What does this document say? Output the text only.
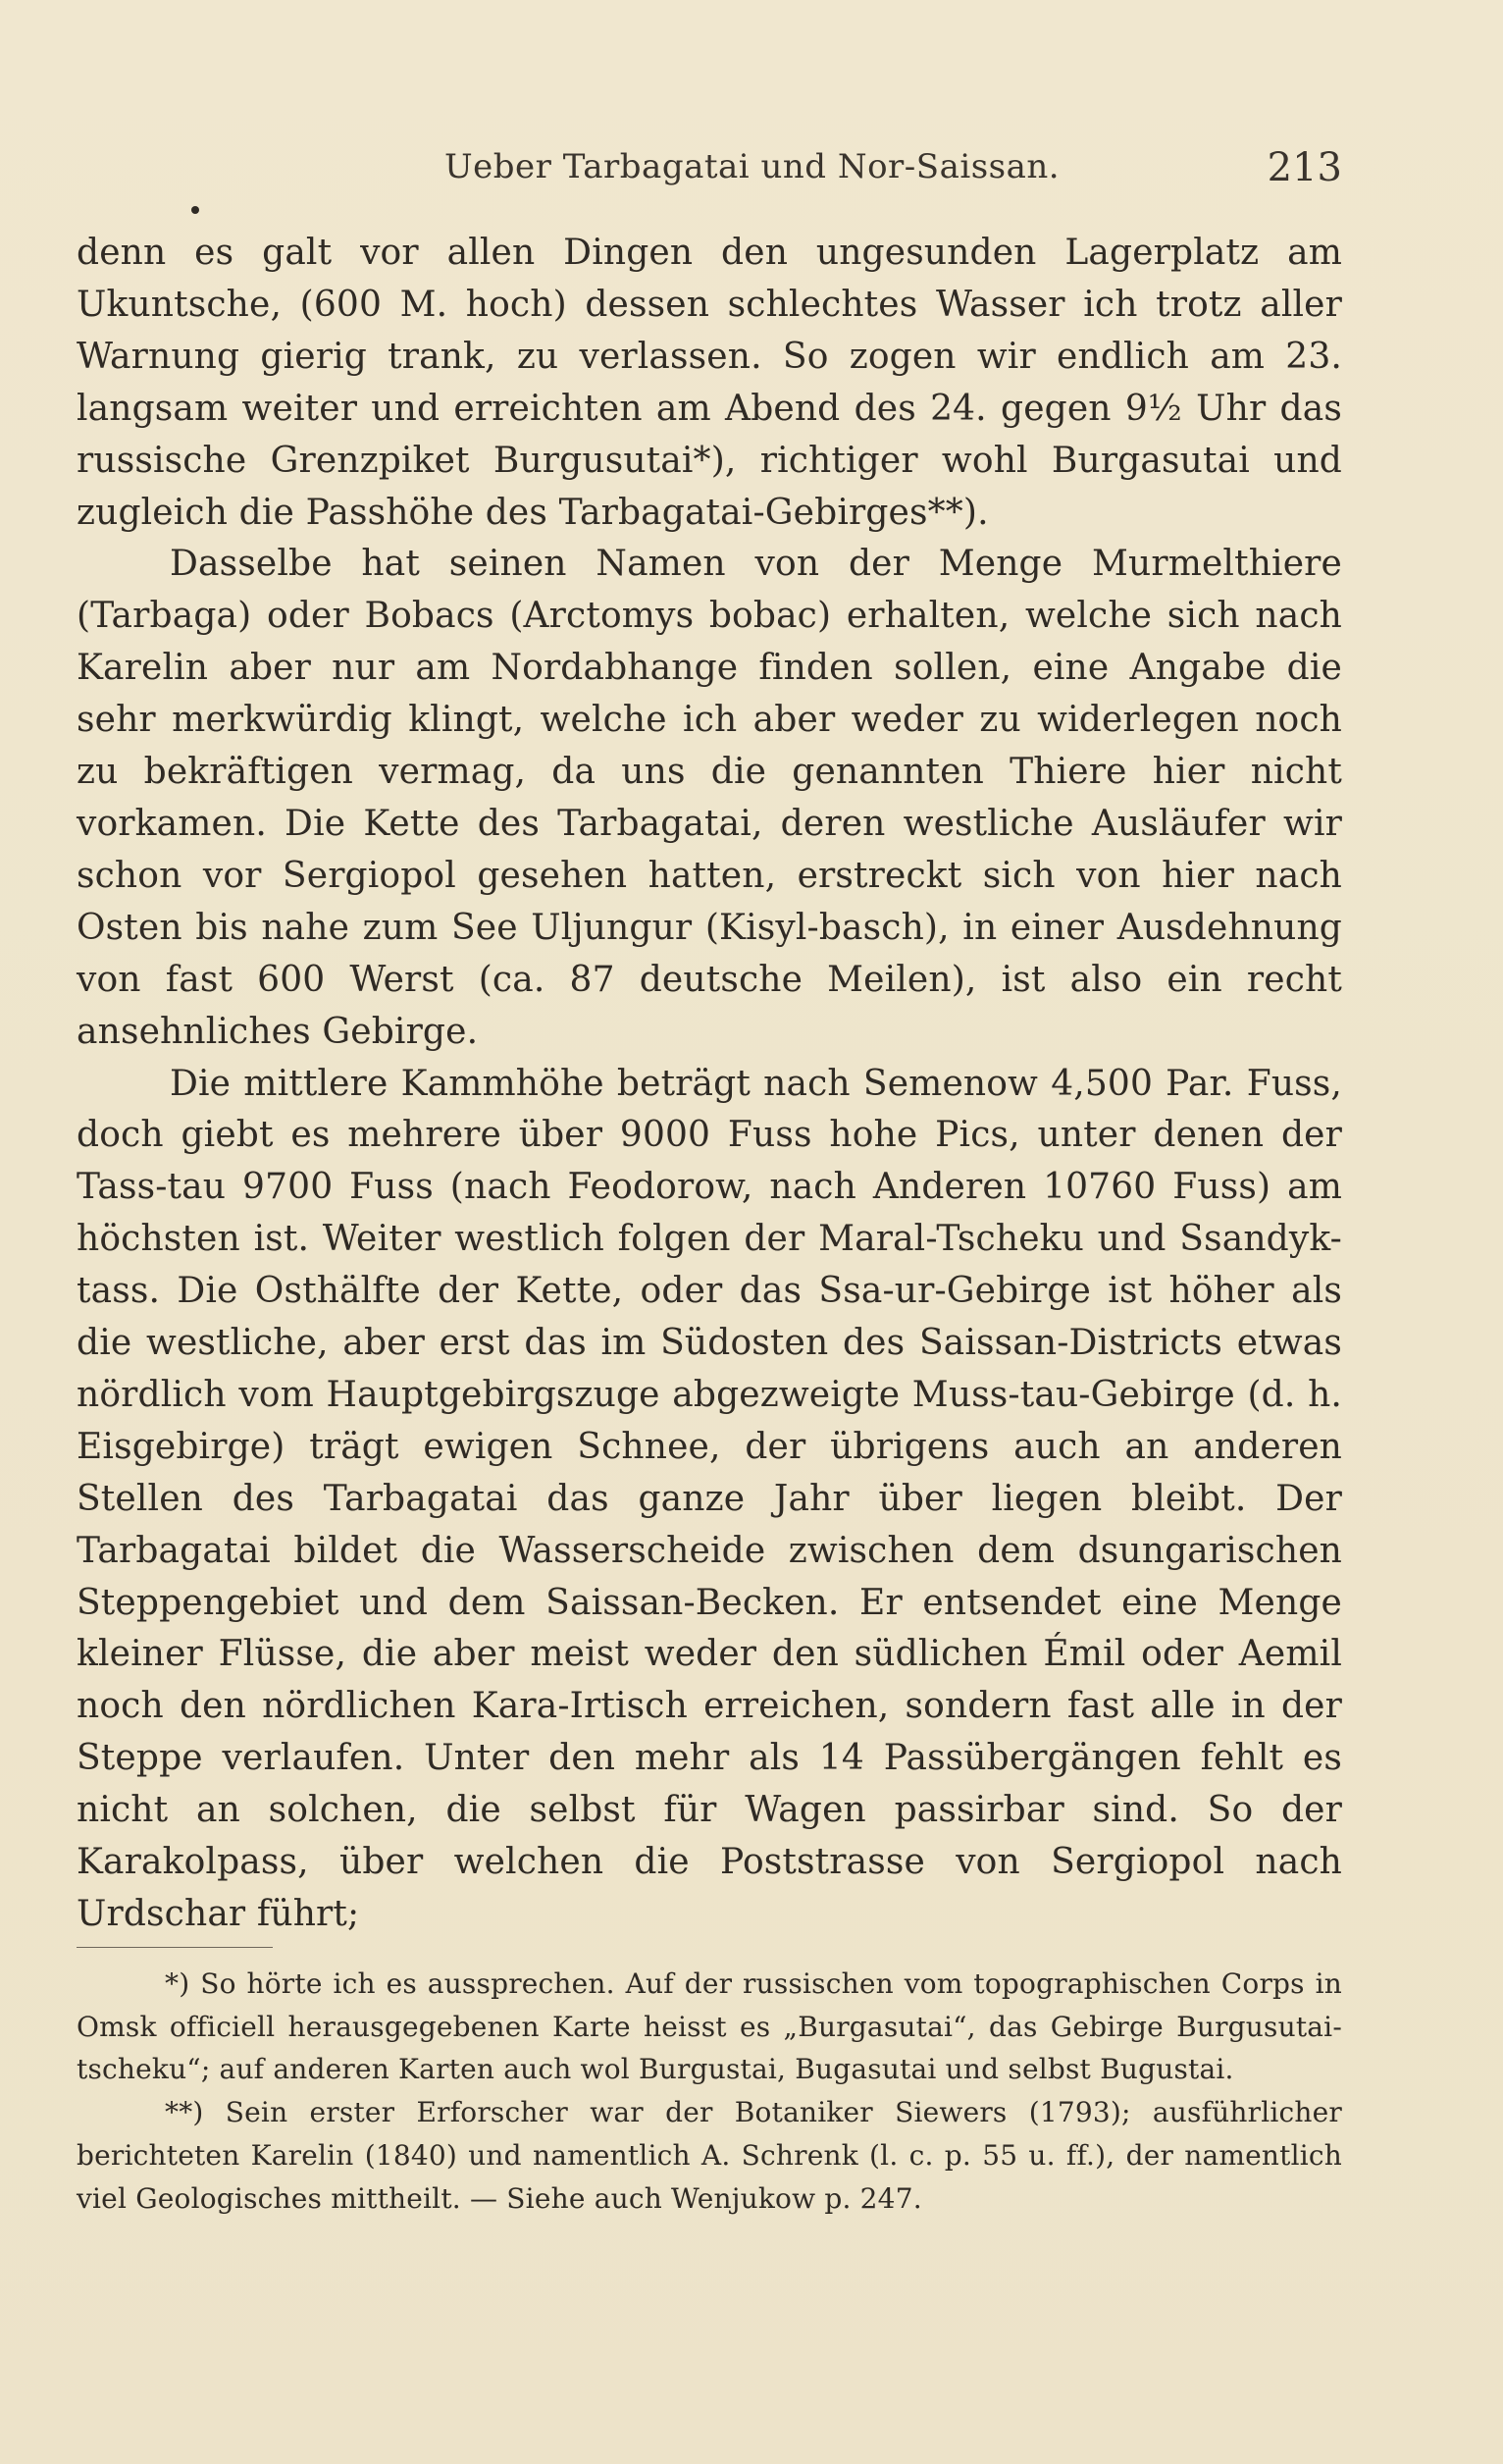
Ueber Tarbagatai und Nor-Saissan.	213

denn es galt vor allen Dingen den ungesunden Lagerplatz am Ukuntsche, (600 M. hoch) dessen schlechtes Wasser ich trotz aller Warnung gierig trank, zu verlassen. So zogen wir endlich am 23. langsam weiter und erreichten am Abend des 24. gegen 9½ Uhr das russische Grenzpiket Burgusutai*), richtiger wohl Burgasutai und zugleich die Passhöhe des Tarbagatai-Gebirges**).

Dasselbe hat seinen Namen von der Menge Murmelthiere (Tarbaga) oder Bobacs (Arctomys bobac) erhalten, welche sich nach Karelin aber nur am Nordabhange finden sollen, eine Angabe die sehr merkwürdig klingt, welche ich aber weder zu widerlegen noch zu bekräftigen vermag, da uns die genannten Thiere hier nicht vorkamen. Die Kette des Tarbagatai, deren westliche Ausläufer wir schon vor Sergiopol gesehen hatten, erstreckt sich von hier nach Osten bis nahe zum See Uljungur (Kisyl-basch), in einer Ausdehnung von fast 600 Werst (ca. 87 deutsche Meilen), ist also ein recht ansehnliches Gebirge.

Die mittlere Kammhöhe beträgt nach Semenow 4,500 Par. Fuss, doch giebt es mehrere über 9000 Fuss hohe Pics, unter denen der Tass-tau 9700 Fuss (nach Feodorow, nach Anderen 10760 Fuss) am höchsten ist. Weiter westlich folgen der Maral-Tscheku und Ssandyk-tass. Die Osthälfte der Kette, oder das Ssa-ur-Gebirge ist höher als die westliche, aber erst das im Südosten des Saissan-Districts etwas nördlich vom Hauptgebirgszuge abgezweigte Muss-tau-Gebirge (d. h. Eisgebirge) trägt ewigen Schnee, der übrigens auch an anderen Stellen des Tarbagatai das ganze Jahr über liegen bleibt. Der Tarbagatai bildet die Wasserscheide zwischen dem dsungarischen Steppengebiet und dem Saissan-Becken. Er entsendet eine Menge kleiner Flüsse, die aber meist weder den südlichen Émil oder Aemil noch den nördlichen Kara-Irtisch erreichen, sondern fast alle in der Steppe verlaufen. Unter den mehr als 14 Passübergängen fehlt es nicht an solchen, die selbst für Wagen passirbar sind. So der Karakolpass, über welchen die Poststrasse von Sergiopol nach Urdschar führt;

*) So hörte ich es aussprechen. Auf der russischen vom topographischen Corps in Omsk officiell herausgegebenen Karte heisst es „Burgasutai“, das Gebirge Burgusutai-tscheku“; auf anderen Karten auch wol Burgustai, Bugasutai und selbst Bugustai.

**) Sein erster Erforscher war der Botaniker Siewers (1793); ausführlicher berichteten Karelin (1840) und namentlich A. Schrenk (l. c. p. 55 u. ff.), der namentlich viel Geologisches mittheilt. — Siehe auch Wenjukow p. 247.
